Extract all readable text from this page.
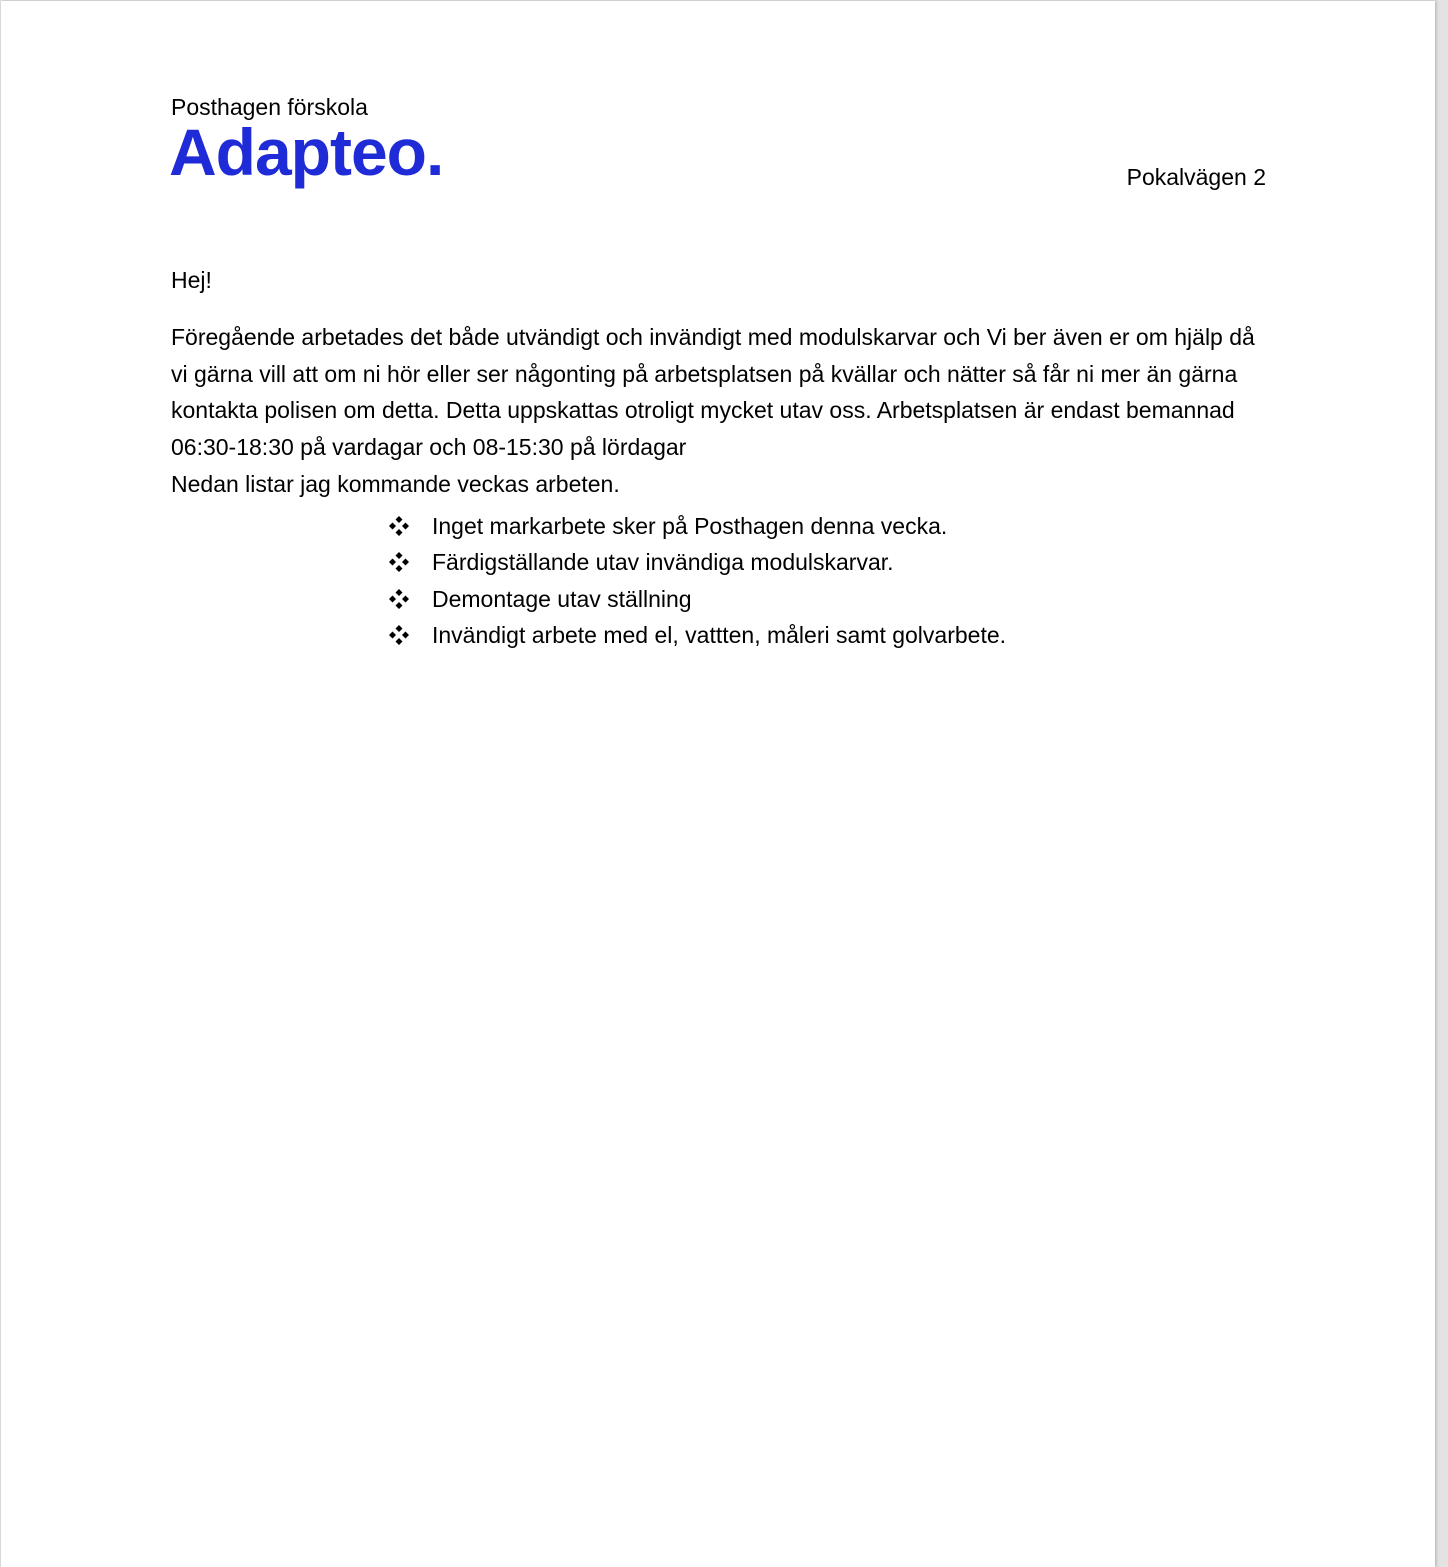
Posthagen förskola
Adapteo.	Pokalvägen 2
Hej!

Föregående arbetades det både utvändigt och invändigt med modulskarvar och Vi ber även er om hjälp då vi gärna vill att om ni hör eller ser någonting på arbetsplatsen på kvällar och nätter så får ni mer än gärna kontakta polisen om detta. Detta uppskattas otroligt mycket utav oss. Arbetsplatsen är endast bemannad 06:30-18:30 på vardagar och 08-15:30 på lördagar

Nedan listar jag kommande veckas arbeten.
Inget markarbete sker på Posthagen denna vecka.
Färdigställande utav invändiga modulskarvar.
Demontage utav ställning
Invändigt arbete med el, vattten, måleri samt golvarbete.
